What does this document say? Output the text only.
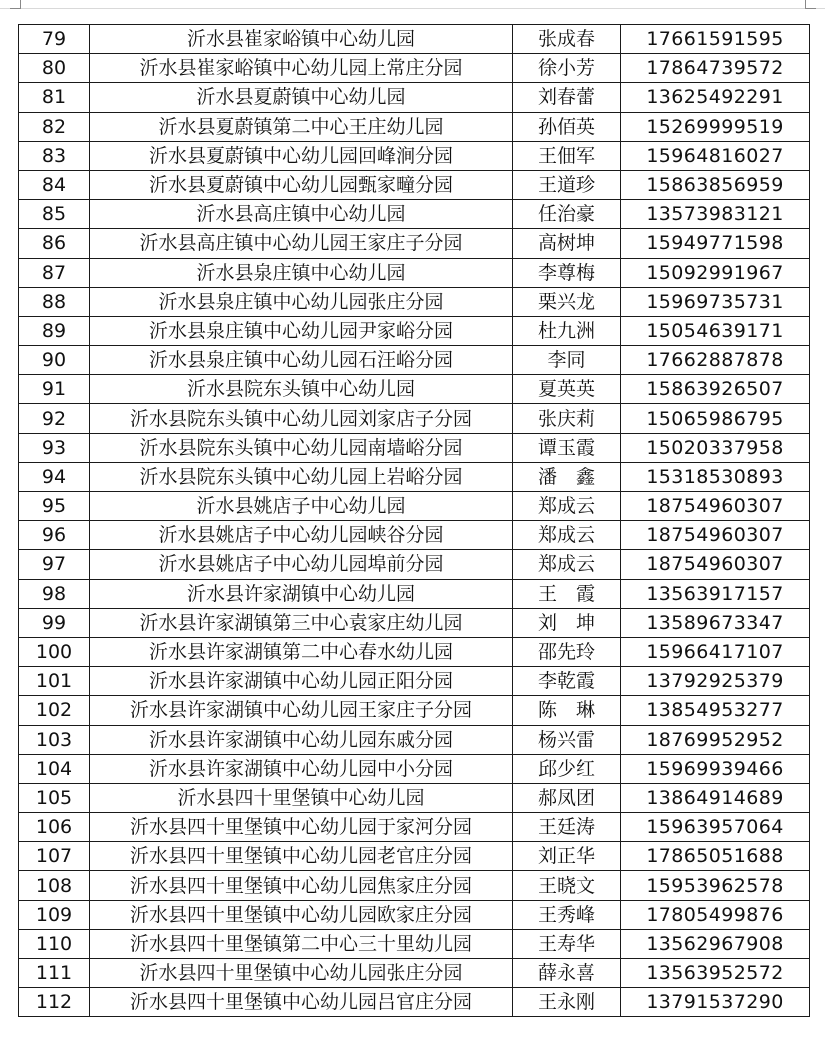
79	沂水县崔家峪镇中心幼儿园	张成春	17661591595
80	沂水县崔家峪镇中心幼儿园上常庄分园	徐小芳	17864739572
81	沂水县夏蔚镇中心幼儿园	刘春蕾	13625492291
82	沂水县夏蔚镇第二中心王庄幼儿园	孙佰英	15269999519
83	沂水县夏蔚镇中心幼儿园回峰涧分园	王佃军	15964816027
84	沂水县夏蔚镇中心幼儿园甄家疃分园	王道珍	15863856959
85	沂水县高庄镇中心幼儿园	任治豪	13573983121
86	沂水县高庄镇中心幼儿园王家庄子分园	高树坤	15949771598
87	沂水县泉庄镇中心幼儿园	李尊梅	15092991967
88	沂水县泉庄镇中心幼儿园张庄分园	栗兴龙	15969735731
89	沂水县泉庄镇中心幼儿园尹家峪分园	杜九洲	15054639171
90	沂水县泉庄镇中心幼儿园石汪峪分园	李同	17662887878
91	沂水县院东头镇中心幼儿园	夏英英	15863926507
92	沂水县院东头镇中心幼儿园刘家店子分园	张庆莉	15065986795
93	沂水县院东头镇中心幼儿园南墙峪分园	谭玉霞	15020337958
94	沂水县院东头镇中心幼儿园上岩峪分园	潘　鑫	15318530893
95	沂水县姚店子中心幼儿园	郑成云	18754960307
96	沂水县姚店子中心幼儿园峡谷分园	郑成云	18754960307
97	沂水县姚店子中心幼儿园埠前分园	郑成云	18754960307
98	沂水县许家湖镇中心幼儿园	王　霞	13563917157
99	沂水县许家湖镇第三中心袁家庄幼儿园	刘　坤	13589673347
100	沂水县许家湖镇第二中心春水幼儿园	邵先玲	15966417107
101	沂水县许家湖镇中心幼儿园正阳分园	李乾霞	13792925379
102	沂水县许家湖镇中心幼儿园王家庄子分园	陈　琳	13854953277
103	沂水县许家湖镇中心幼儿园东戚分园	杨兴雷	18769952952
104	沂水县许家湖镇中心幼儿园中小分园	邱少红	15969939466
105	沂水县四十里堡镇中心幼儿园	郝凤团	13864914689
106	沂水县四十里堡镇中心幼儿园于家河分园	王廷涛	15963957064
107	沂水县四十里堡镇中心幼儿园老官庄分园	刘正华	17865051688
108	沂水县四十里堡镇中心幼儿园焦家庄分园	王晓文	15953962578
109	沂水县四十里堡镇中心幼儿园欧家庄分园	王秀峰	17805499876
110	沂水县四十里堡镇第二中心三十里幼儿园	王寿华	13562967908
111	沂水县四十里堡镇中心幼儿园张庄分园	薛永喜	13563952572
112	沂水县四十里堡镇中心幼儿园吕官庄分园	王永刚	13791537290
